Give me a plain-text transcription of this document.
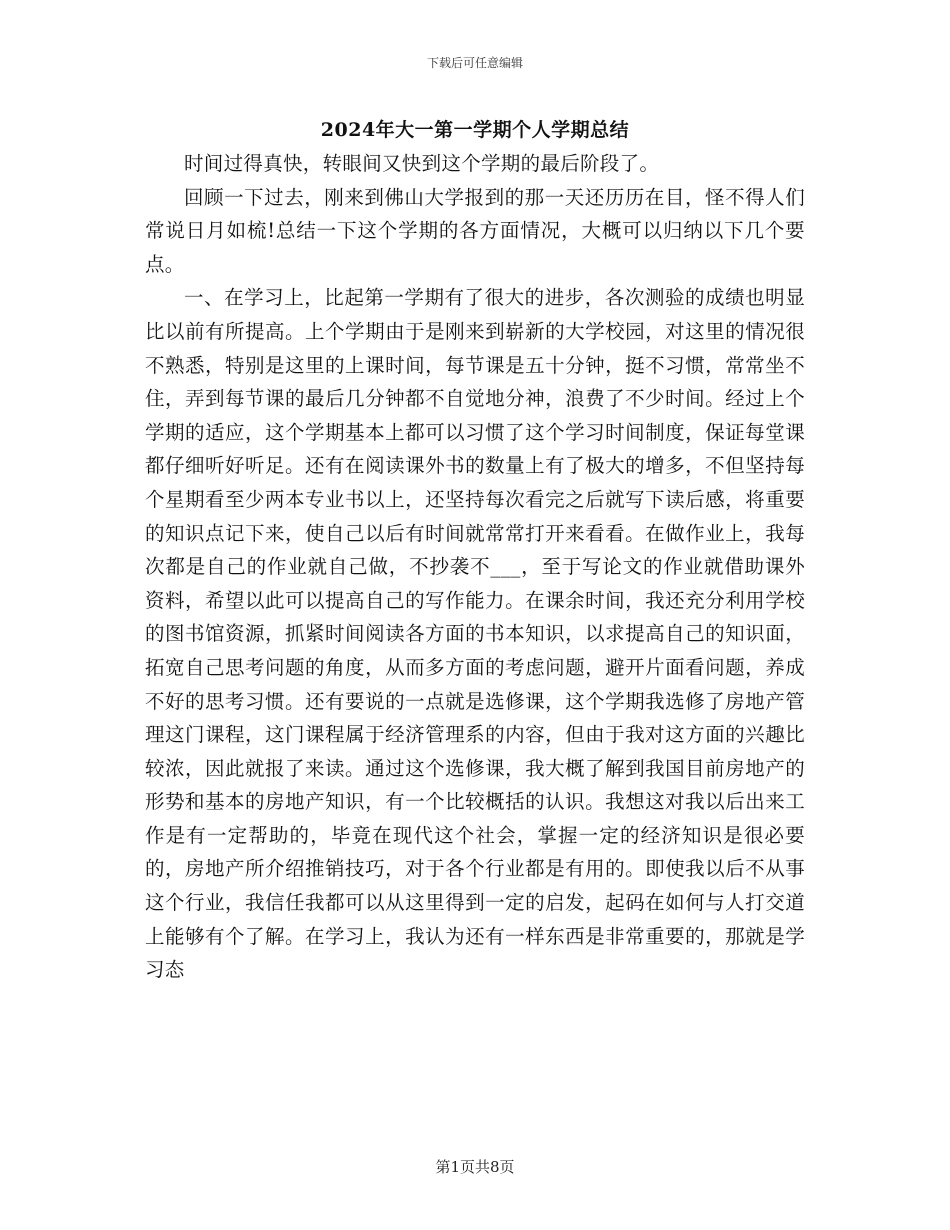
下载后可任意编辑
2024年大一第一学期个人学期总结

时间过得真快，转眼间又快到这个学期的最后阶段了。

回顾一下过去，刚来到佛山大学报到的那一天还历历在目，怪不得人们常说日月如梳!总结一下这个学期的各方面情况，大概可以归纳以下几个要点。

一、在学习上，比起第一学期有了很大的进步，各次测验的成绩也明显比以前有所提高。上个学期由于是刚来到崭新的大学校园，对这里的情况很不熟悉，特别是这里的上课时间，每节课是五十分钟，挺不习惯，常常坐不住，弄到每节课的最后几分钟都不自觉地分神，浪费了不少时间。经过上个学期的适应，这个学期基本上都可以习惯了这个学习时间制度，保证每堂课都仔细听好听足。还有在阅读课外书的数量上有了极大的增多，不但坚持每个星期看至少两本专业书以上，还坚持每次看完之后就写下读后感，将重要的知识点记下来，使自己以后有时间就常常打开来看看。在做作业上，我每次都是自己的作业就自己做，不抄袭不___，至于写论文的作业就借助课外资料，希望以此可以提高自己的写作能力。在课余时间，我还充分利用学校的图书馆资源，抓紧时间阅读各方面的书本知识，以求提高自己的知识面，拓宽自己思考问题的角度，从而多方面的考虑问题，避开片面看问题，养成不好的思考习惯。还有要说的一点就是选修课，这个学期我选修了房地产管理这门课程，这门课程属于经济管理系的内容，但由于我对这方面的兴趣比较浓，因此就报了来读。通过这个选修课，我大概了解到我国目前房地产的形势和基本的房地产知识，有一个比较概括的认识。我想这对我以后出来工作是有一定帮助的，毕竟在现代这个社会，掌握一定的经济知识是很必要的，房地产所介绍推销技巧，对于各个行业都是有用的。即使我以后不从事这个行业，我信任我都可以从这里得到一定的启发，起码在如何与人打交道上能够有个了解。在学习上，我认为还有一样东西是非常重要的，那就是学习态

第1页共8页
